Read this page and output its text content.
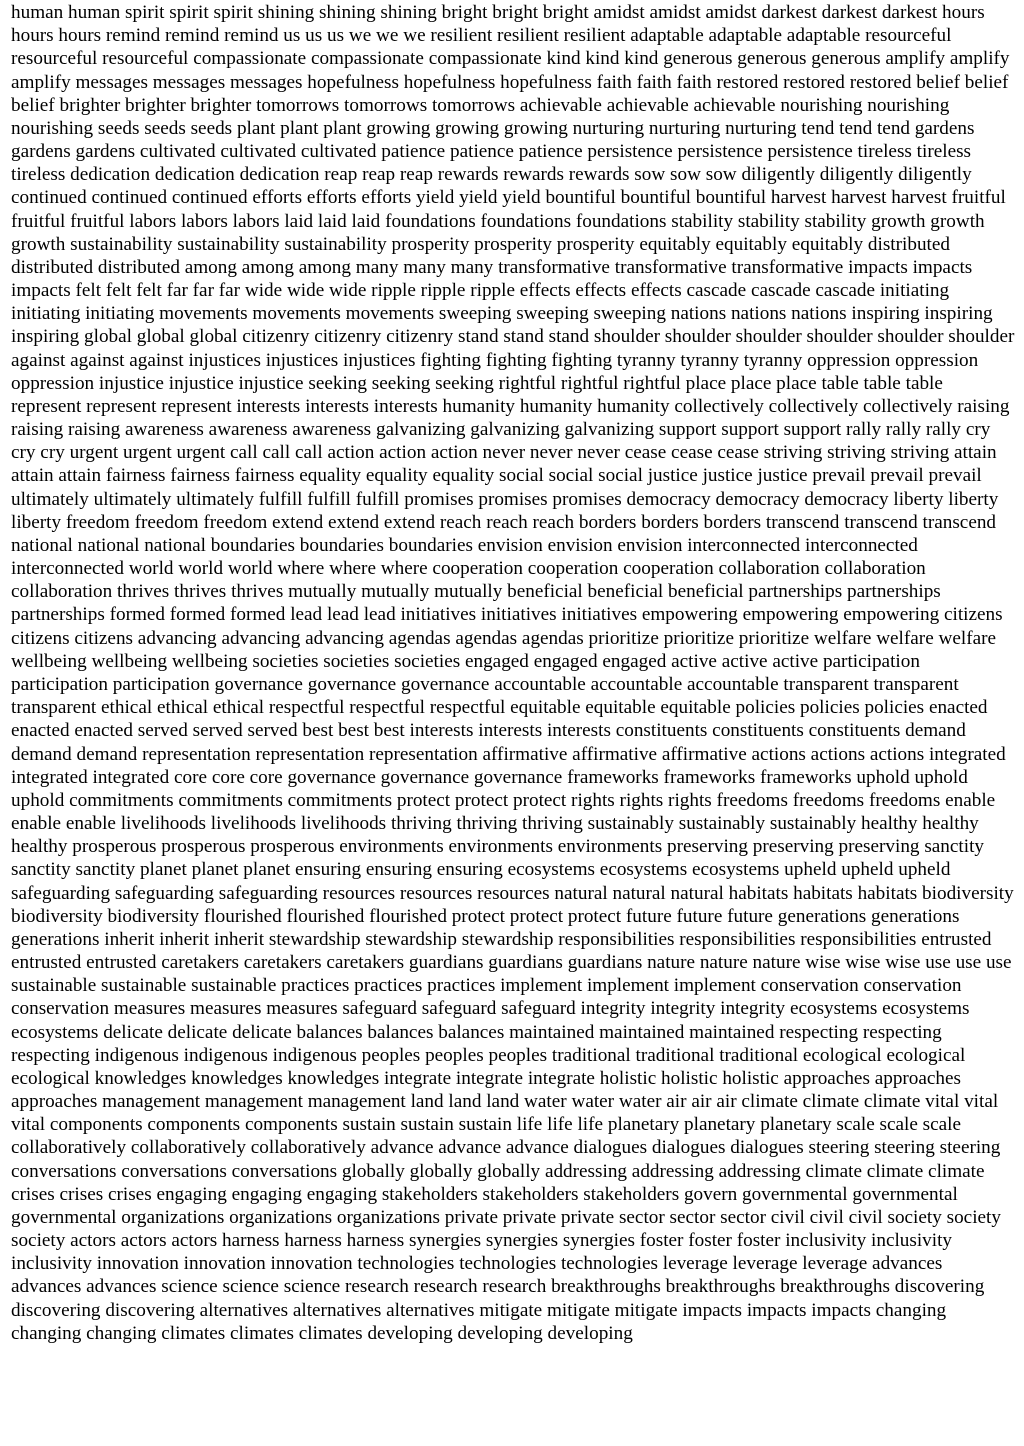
human human spirit spirit spirit shining shining shining bright bright bright amidst amidst amidst darkest darkest darkest hours hours hours remind remind remind us us us we we we resilient resilient resilient adaptable adaptable adaptable resourceful resourceful resourceful compassionate compassionate compassionate kind kind kind generous generous generous amplify amplify amplify messages messages messages hopefulness hopefulness hopefulness faith faith faith restored restored restored belief belief belief brighter brighter brighter tomorrows tomorrows tomorrows achievable achievable achievable nourishing nourishing nourishing seeds seeds seeds plant plant plant growing growing growing nurturing nurturing nurturing tend tend tend gardens gardens gardens cultivated cultivated cultivated patience patience patience persistence persistence persistence tireless tireless tireless dedication dedication dedication reap reap reap rewards rewards rewards sow sow sow diligently diligently diligently continued continued continued efforts efforts efforts yield yield yield bountiful bountiful bountiful harvest harvest harvest fruitful fruitful fruitful labors labors labors laid laid laid foundations foundations foundations stability stability stability growth growth growth sustainability sustainability sustainability prosperity prosperity prosperity equitably equitably equitably distributed distributed distributed among among among many many many transformative transformative transformative impacts impacts impacts felt felt felt far far far wide wide wide ripple ripple ripple effects effects effects cascade cascade cascade initiating initiating initiating movements movements movements sweeping sweeping sweeping nations nations nations inspiring inspiring inspiring global global global citizenry citizenry citizenry stand stand stand shoulder shoulder shoulder shoulder shoulder shoulder against against against injustices injustices injustices fighting fighting fighting tyranny tyranny tyranny oppression oppression oppression injustice injustice injustice seeking seeking seeking rightful rightful rightful place place place table table table represent represent represent interests interests interests humanity humanity humanity collectively collectively collectively raising raising raising awareness awareness awareness galvanizing galvanizing galvanizing support support support rally rally rally cry cry cry urgent urgent urgent call call call action action action never never never cease cease cease striving striving striving attain attain attain fairness fairness fairness equality equality equality social social social justice justice justice prevail prevail prevail ultimately ultimately ultimately fulfill fulfill fulfill promises promises promises democracy democracy democracy liberty liberty liberty freedom freedom freedom extend extend extend reach reach reach borders borders borders transcend transcend transcend national national national boundaries boundaries boundaries envision envision envision interconnected interconnected interconnected world world world where where where cooperation cooperation cooperation collaboration collaboration collaboration thrives thrives thrives mutually mutually mutually beneficial beneficial beneficial partnerships partnerships partnerships formed formed formed lead lead lead initiatives initiatives initiatives empowering empowering empowering citizens citizens citizens advancing advancing advancing agendas agendas agendas prioritize prioritize prioritize welfare welfare welfare wellbeing wellbeing wellbeing societies societies societies engaged engaged engaged active active active participation participation participation governance governance governance accountable accountable accountable transparent transparent transparent ethical ethical ethical respectful respectful respectful equitable equitable equitable policies policies policies enacted enacted enacted served served served best best best interests interests interests constituents constituents constituents demand demand demand representation representation representation affirmative affirmative affirmative actions actions actions integrated integrated integrated core core core governance governance governance frameworks frameworks frameworks uphold uphold uphold commitments commitments commitments protect protect protect rights rights rights freedoms freedoms freedoms enable enable enable livelihoods livelihoods livelihoods thriving thriving thriving sustainably sustainably sustainably healthy healthy healthy prosperous prosperous prosperous environments environments environments preserving preserving preserving sanctity sanctity sanctity planet planet planet ensuring ensuring ensuring ecosystems ecosystems ecosystems upheld upheld upheld safeguarding safeguarding safeguarding resources resources resources natural natural natural habitats habitats habitats biodiversity biodiversity biodiversity flourished flourished flourished protect protect protect future future future generations generations generations inherit inherit inherit stewardship stewardship stewardship responsibilities responsibilities responsibilities entrusted entrusted entrusted caretakers caretakers caretakers guardians guardians guardians nature nature nature wise wise wise use use use sustainable sustainable sustainable practices practices practices implement implement implement conservation conservation conservation measures measures measures safeguard safeguard safeguard integrity integrity integrity ecosystems ecosystems ecosystems delicate delicate delicate balances balances balances maintained maintained maintained respecting respecting respecting indigenous indigenous indigenous peoples peoples peoples traditional traditional traditional ecological ecological ecological knowledges knowledges knowledges integrate integrate integrate holistic holistic holistic approaches approaches approaches management management management land land land water water water air air air climate climate climate vital vital vital components components components sustain sustain sustain life life life planetary planetary planetary scale scale scale collaboratively collaboratively collaboratively advance advance advance dialogues dialogues dialogues steering steering steering conversations conversations conversations globally globally globally addressing addressing addressing climate climate climate crises crises crises engaging engaging engaging stakeholders stakeholders stakeholders govern governmental governmental governmental organizations organizations organizations private private private sector sector sector civil civil civil society society society actors actors actors harness harness harness synergies synergies synergies foster foster foster inclusivity inclusivity inclusivity innovation innovation innovation technologies technologies technologies leverage leverage leverage advances advances advances science science science research research research breakthroughs breakthroughs breakthroughs discovering discovering discovering alternatives alternatives alternatives mitigate mitigate mitigate impacts impacts impacts changing changing changing climates climates climates developing developing developing
